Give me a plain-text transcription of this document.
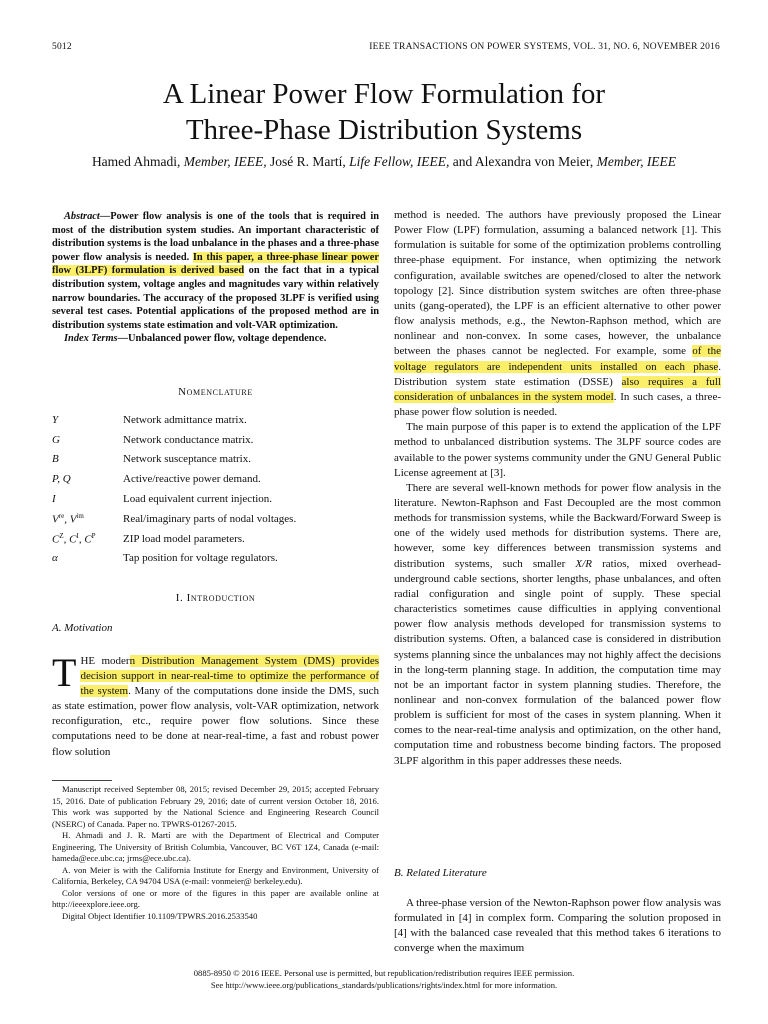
5012	IEEE TRANSACTIONS ON POWER SYSTEMS, VOL. 31, NO. 6, NOVEMBER 2016
A Linear Power Flow Formulation for
Three-Phase Distribution Systems
Hamed Ahmadi, Member, IEEE, José R. Martí, Life Fellow, IEEE, and Alexandra von Meier, Member, IEEE

Abstract—Power flow analysis is one of the tools that is required in most of the distribution system studies. An important characteristic of distribution systems is the load unbalance in the phases and a three-phase power flow analysis is needed. In this paper, a three-phase linear power flow (3LPF) formulation is derived based on the fact that in a typical distribution system, voltage angles and magnitudes vary within relatively narrow boundaries. The accuracy of the proposed 3LPF is verified using several test cases. Potential applications of the proposed method are in distribution systems state estimation and volt-VAR optimization.

Index Terms—Unbalanced power flow, voltage dependence.

Nomenclature

Y	Network admittance matrix.
G	Network conductance matrix.
B	Network susceptance matrix.
P, Q	Active/reactive power demand.
I	Load equivalent current injection.
Vre, $V^{im}$	Real/imaginary parts of nodal voltages.
$C^Z$, $C^I$, $C^P$	ZIP load model parameters.
α	Tap position for voltage regulators.

I. Introduction

A. Motivation

THE modern Distribution Management System (DMS) provides decision support in near-real-time to optimize the performance of the system. Many of the computations done inside the DMS, such as state estimation, power flow analysis, volt-VAR optimization, network reconfiguration, etc., require power flow solutions. Since these computations need to be done at near-real-time, a fast and robust power flow solution

Manuscript received September 08, 2015; revised December 29, 2015; accepted February 15, 2016. Date of publication February 29, 2016; date of current version October 18, 2016. This work was supported by the National Science and Engineering Research Council (NSERC) of Canada. Paper no. TPWRS-01267-2015.

H. Ahmadi and J. R. Martí are with the Department of Electrical and Computer Engineering, The University of British Columbia, Vancouver, BC V6T 1Z4, Canada (e-mail: hameda@ece.ubc.ca; jrms@ece.ubc.ca).

A. von Meier is with the California Institute for Energy and Environment, University of California, Berkeley, CA 94704 USA (e-mail: vonmeier@ berkeley.edu).

Color versions of one or more of the figures in this paper are available online at http://ieeexplore.ieee.org.

Digital Object Identifier 10.1109/TPWRS.2016.2533540

method is needed. The authors have previously proposed the Linear Power Flow (LPF) formulation, assuming a balanced network [1]. This formulation is suitable for some of the optimization problems controlling three-phase equipment. For instance, when optimizing the network configuration, available switches are opened/closed to alter the network topology [2]. Since distribution system switches are often three-phase units (gang-operated), the LPF is an efficient alternative to other power flow analysis methods, e.g., the Newton-Raphson method, which are nonlinear and non-convex. In some cases, however, the unbalance between the phases cannot be neglected. For example, some of the voltage regulators are independent units installed on each phase. Distribution system state estimation (DSSE) also requires a full consideration of unbalances in the system model. In such cases, a three-phase power flow solution is needed.

The main purpose of this paper is to extend the application of the LPF method to unbalanced distribution systems. The 3LPF source codes are available to the power systems community under the GNU General Public License agreement at [3].

There are several well-known methods for power flow analysis in the literature. Newton-Raphson and Fast Decoupled are the most common methods for transmission systems, while the Backward/Forward Sweep is one of the widely used methods for distribution systems. There are, however, some key differences between transmission systems and distribution systems, such smaller X/R ratios, mixed overhead-underground cable sections, shorter lengths, phase unbalances, and often radial configuration and single point of supply. These special characteristics sometimes cause difficulties in applying conventional power flow analysis methods developed for transmission systems to distribution systems. Often, a balanced case is considered in distribution systems planning since the unbalances may not highly affect the decisions in the long-term planning stage. In addition, the computation time may not be an important factor in system planning studies. Therefore, the nonlinear and non-convex formulation of the balanced power flow problem is sufficient for most of the cases in system planning. When it comes to the near-real-time analysis and optimization, on the other hand, computation time and robustness become binding factors. The proposed 3LPF algorithm in this paper addresses these needs.

B. Related Literature

A three-phase version of the Newton-Raphson power flow analysis was formulated in [4] in complex form. Comparing the solution proposed in [4] with the balanced case revealed that this method takes 6 iterations to converge when the maximum

0885-8950 © 2016 IEEE. Personal use is permitted, but republication/redistribution requires IEEE permission.
See http://www.ieee.org/publications_standards/publications/rights/index.html for more information.
